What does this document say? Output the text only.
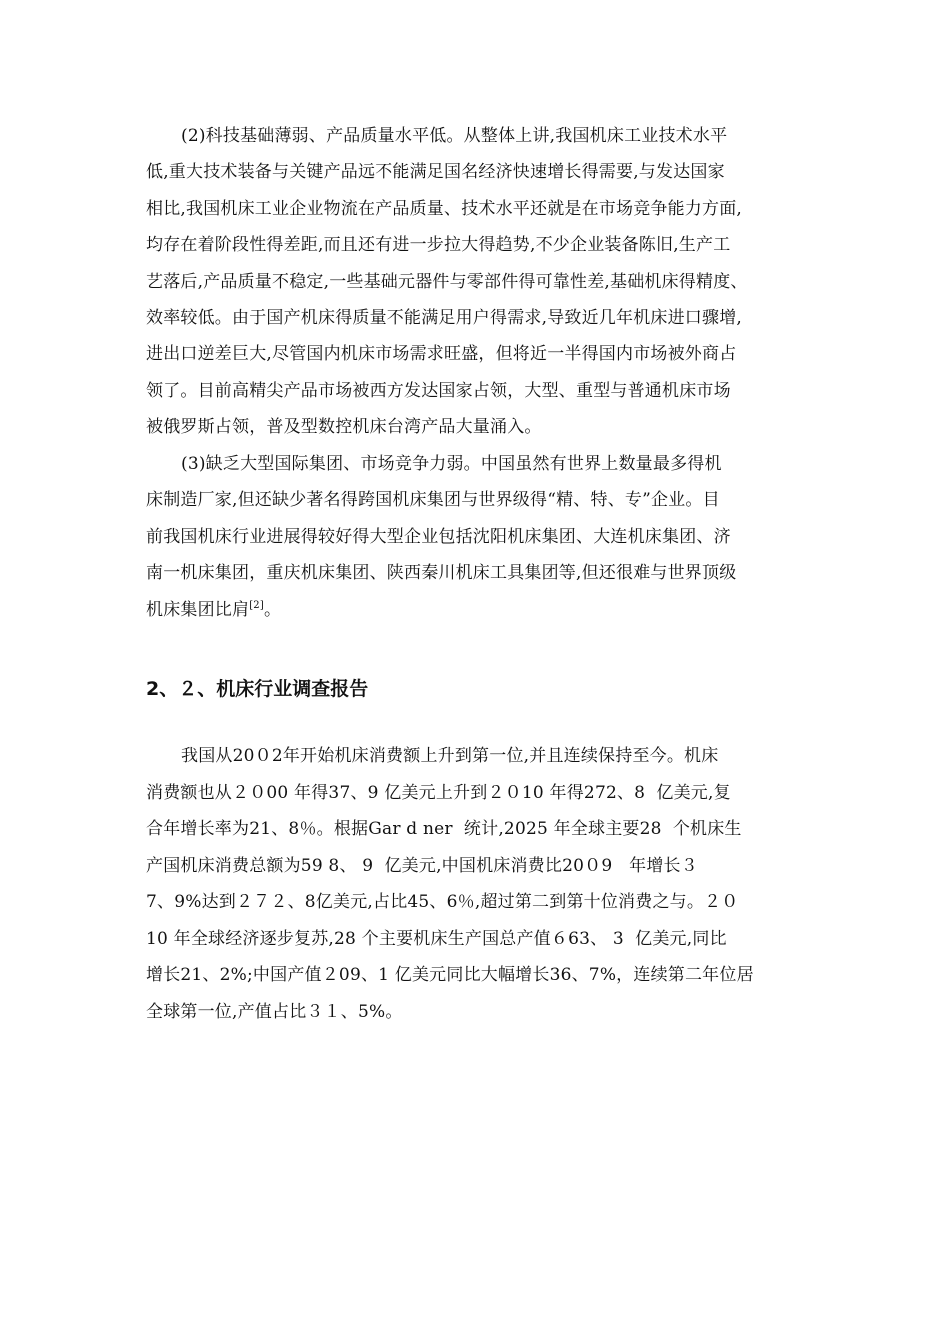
(2)科技基础薄弱、产品质量水平低。从整体上讲,我国机床工业技术水平
低,重大技术装备与关键产品远不能满足国名经济快速增长得需要,与发达国家
相比,我国机床工业企业物流在产品质量、技术水平还就是在市场竞争能力方面,
均存在着阶段性得差距,而且还有进一步拉大得趋势,不少企业装备陈旧,生产工
艺落后,产品质量不稳定,一些基础元器件与零部件得可靠性差,基础机床得精度、
效率较低。由于国产机床得质量不能满足用户得需求,导致近几年机床进口骤增,
进出口逆差巨大,尽管国内机床市场需求旺盛，但将近一半得国内市场被外商占
领了。目前高精尖产品市场被西方发达国家占领，大型、重型与普通机床市场
被俄罗斯占领，普及型数控机床台湾产品大量涌入。
(3)缺乏大型国际集团、市场竞争力弱。中国虽然有世界上数量最多得机
床制造厂家,但还缺少著名得跨国机床集团与世界级得“精、特、专”企业。目
前我国机床行业进展得较好得大型企业包括沈阳机床集团、大连机床集团、济
南一机床集团，重庆机床集团、陕西秦川机床工具集团等,但还很难与世界顶级
机床集团比肩[2]。
2、２、机床行业调查报告
我国从20０2年开始机床消费额上升到第一位,并且连续保持至今。机床
消费额也从２０00 年得37、9 亿美元上升到２０10 年得272、8  亿美元,复
合年增长率为21、8％。根据Gar d ner  统计,2025 年全球主要28  个机床生
产国机床消费总额为59 8、 9  亿美元,中国机床消费比20０9   年增长３
7、9%达到２７２、8亿美元,占比45、6％,超过第二到第十位消费之与。２０
10 年全球经济逐步复苏,28 个主要机床生产国总产值６63、 3  亿美元,同比
增长21、2%;中国产值２09、1 亿美元同比大幅增长36、7%，连续第二年位居
全球第一位,产值占比３１、5%。
